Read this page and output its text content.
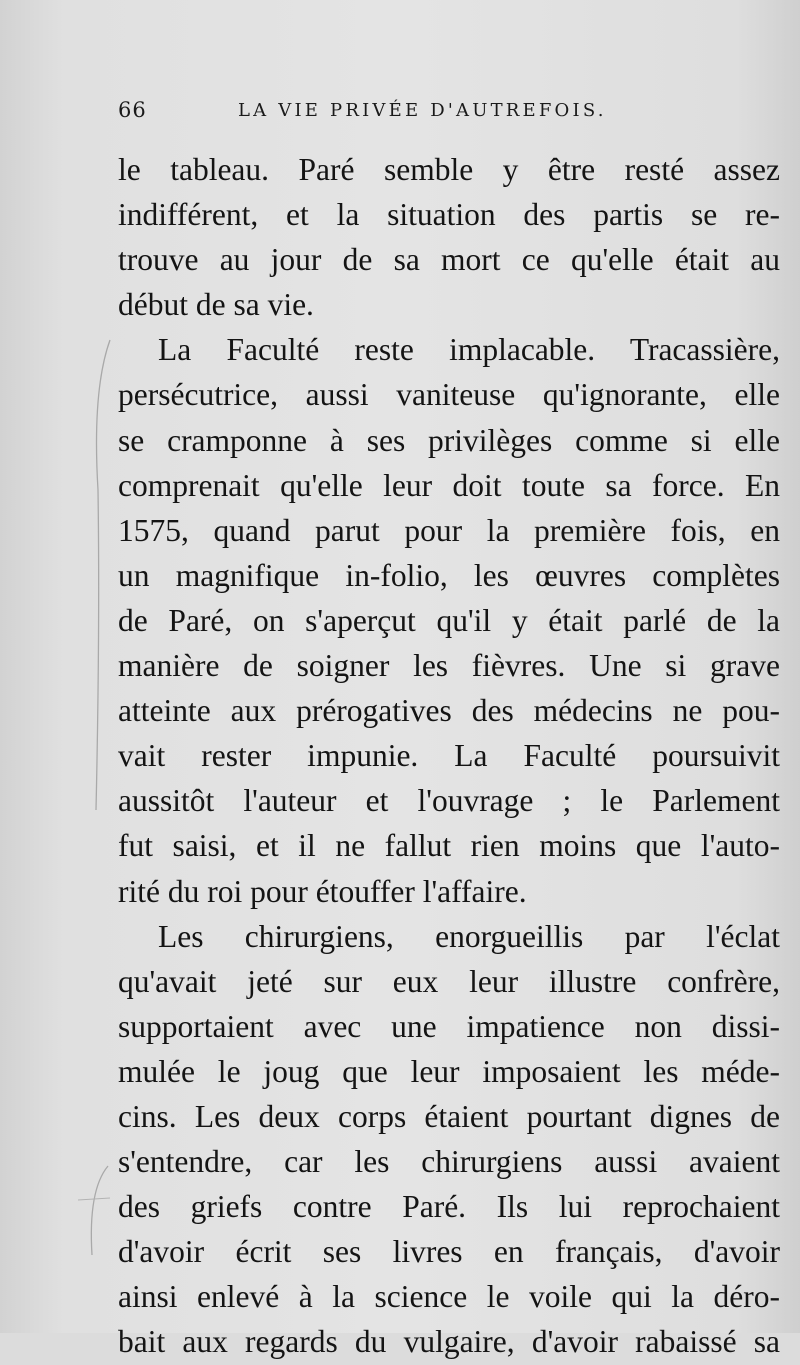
66	LA VIE PRIVÉE D'AUTREFOIS.
le tableau. Paré semble y être resté assez
indifférent, et la situation des partis se re-
trouve au jour de sa mort ce qu'elle était au
début de sa vie.
La Faculté reste implacable. Tracassière,
persécutrice, aussi vaniteuse qu'ignorante, elle
se cramponne à ses privilèges comme si elle
comprenait qu'elle leur doit toute sa force. En
1575, quand parut pour la première fois, en
un magnifique in-folio, les œuvres complètes
de Paré, on s'aperçut qu'il y était parlé de la
manière de soigner les fièvres. Une si grave
atteinte aux prérogatives des médecins ne pou-
vait rester impunie. La Faculté poursuivit
aussitôt l'auteur et l'ouvrage ; le Parlement
fut saisi, et il ne fallut rien moins que l'auto-
rité du roi pour étouffer l'affaire.
Les chirurgiens, enorgueillis par l'éclat
qu'avait jeté sur eux leur illustre confrère,
supportaient avec une impatience non dissi-
mulée le joug que leur imposaient les méde-
cins. Les deux corps étaient pourtant dignes de
s'entendre, car les chirurgiens aussi avaient
des griefs contre Paré. Ils lui reprochaient
d'avoir écrit ses livres en français, d'avoir
ainsi enlevé à la science le voile qui la déro-
bait aux regards du vulgaire, d'avoir rabaissé sa
